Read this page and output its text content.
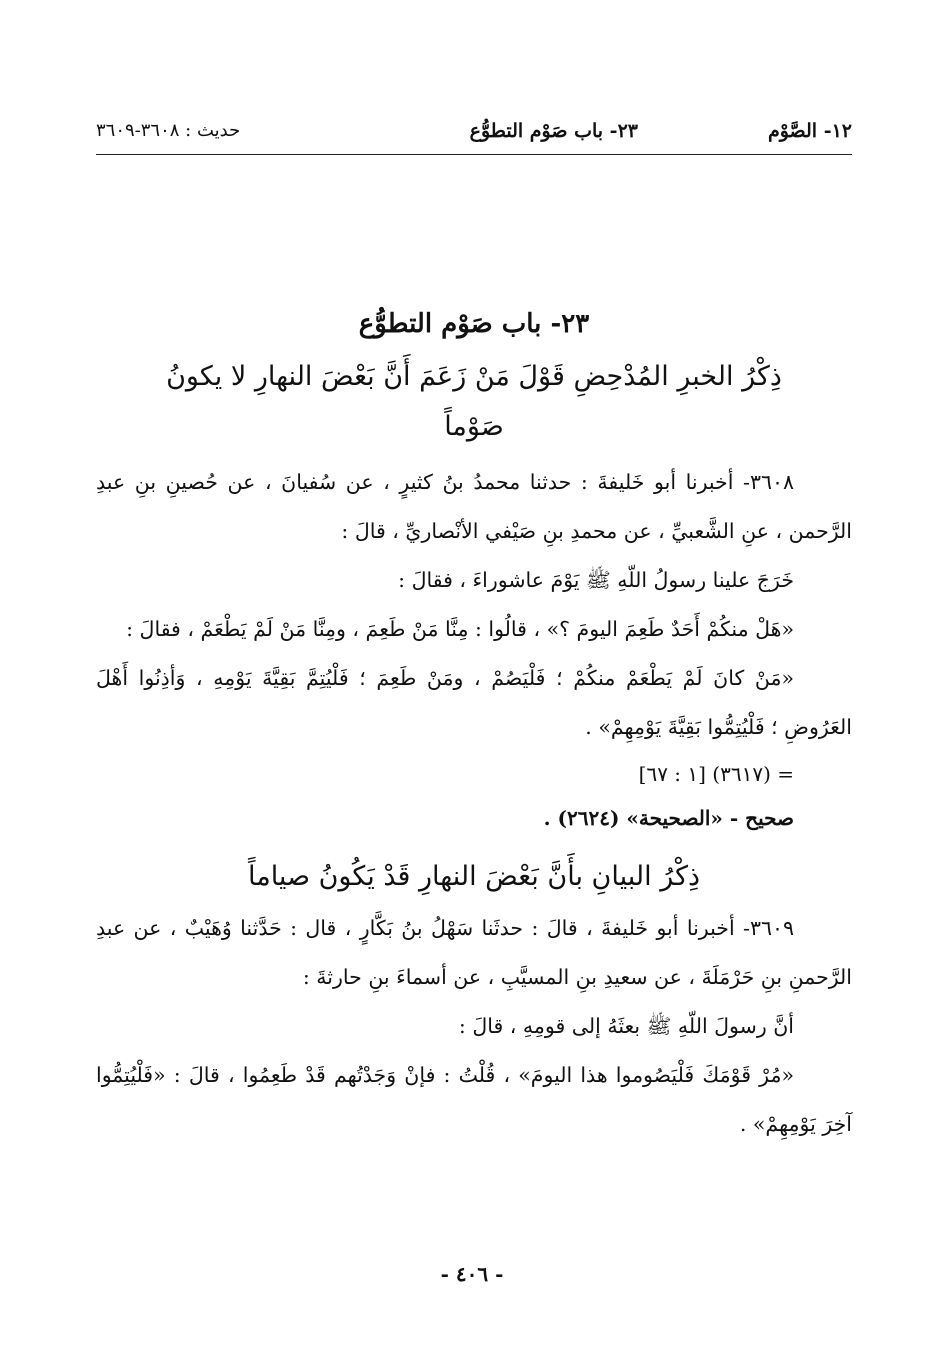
١٢- الصَّوْم
٢٣- باب صَوْم التطوُّع
حديث : ٣٦٠٨-٣٦٠٩
٢٣- باب صَوْم التطوُّع
ذِكْرُ الخبرِ المُدْحِضِ قَوْلَ مَنْ زَعَمَ أَنَّ بَعْضَ النهارِ لا يكونُ صَوْماً

٣٦٠٨- أخبرنا أبو خَليفةَ : حدثنا محمدُ بنُ كثيرٍ ، عن سُفيانَ ، عن حُصينِ بنِ عبدِ الرَّحمن ، عنِ الشَّعبيِّ ، عن محمدِ بنِ صَيْفي الأنْصاريِّ ، قالَ :

خَرَجَ علينا رسولُ اللّهِ ﷺ يَوْمَ عاشوراءَ ، فقالَ :

«هَلْ منكُمْ أَحَدٌ طَعِمَ اليومَ ؟» ، قالُوا : مِنَّا مَنْ طَعِمَ ، ومِنَّا مَنْ لَمْ يَطْعَمْ ، فقالَ :

«مَنْ كانَ لَمْ يَطْعَمْ منكُمْ ؛ فَلْيَصُمْ ، ومَنْ طَعِمَ ؛ فَلْيُتِمَّ بَقِيَّةَ يَوْمِهِ ، وَأذِنُوا أَهْلَ العَرُوضِ ؛ فَلْيُتِمُّوا بَقِيَّةَ يَوْمِهِمْ» .

= (٣٦١٧) [١ : ٦٧]
صحيح - «الصحيحة» (٢٦٢٤) .
ذِكْرُ البيانِ بأَنَّ بَعْضَ النهارِ قَدْ يَكُونُ صياماً

٣٦٠٩- أخبرنا أبو خَليفةَ ، قالَ : حدثَنا سَهْلُ بنُ بَكَّارٍ ، قال : حَدَّثنا وُهَيْبٌ ، عن عبدِ الرَّحمنِ بنِ حَرْمَلَةَ ، عن سعيدِ بنِ المسيَّبِ ، عن أسماءَ بنِ حارثةَ :

أنَّ رسولَ اللّهِ ﷺ بعثَهُ إلى قومِهِ ، قالَ :

«مُرْ قَوْمَكَ فَلْيَصُوموا هذا اليومَ» ، قُلْتُ : فإنْ وَجَدْتُهم قَدْ طَعِمُوا ، قالَ : «فَلْيُتِمُّوا آخِرَ يَوْمِهِمْ» .

- ٤٠٦ -
